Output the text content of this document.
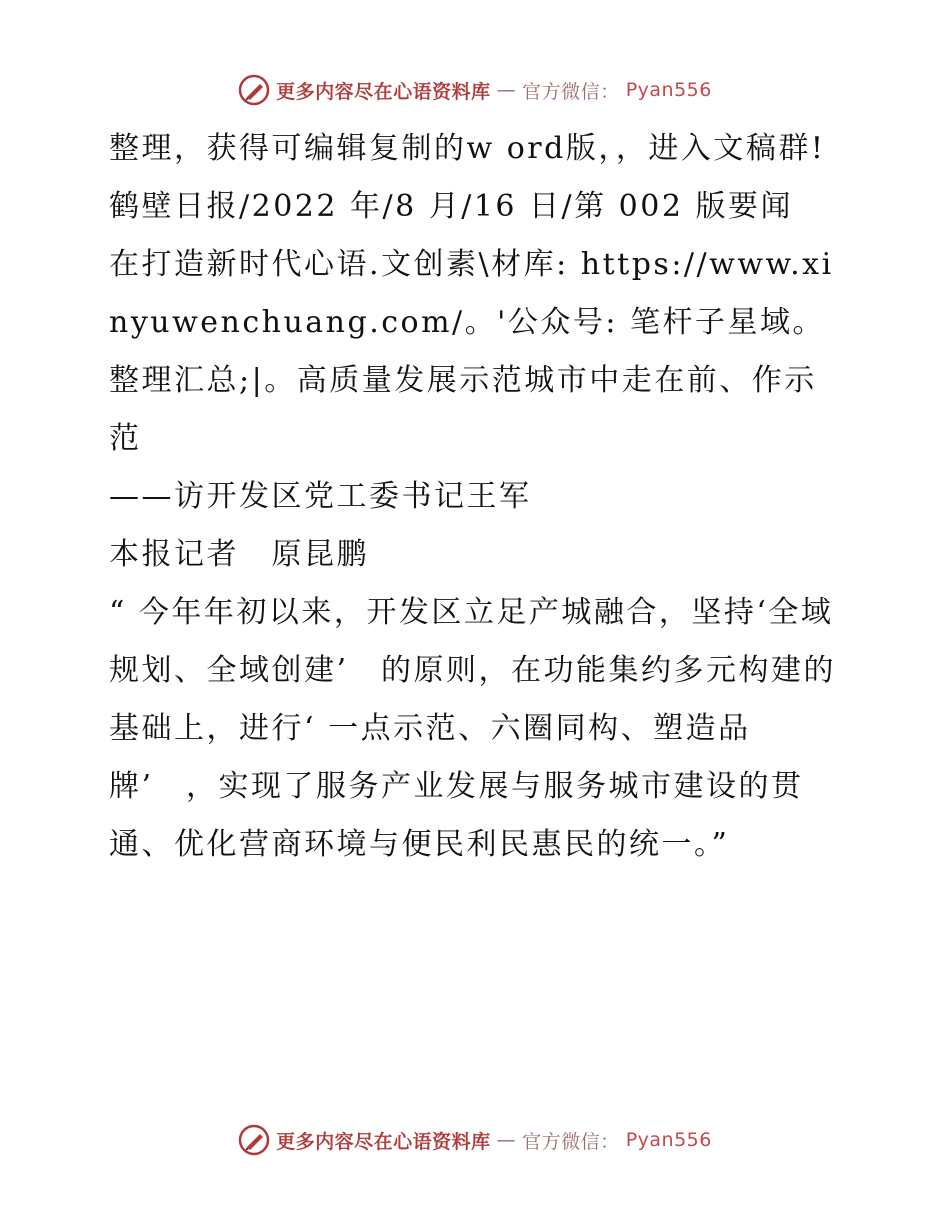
更多内容尽在心语资料库 — 官方微信： Pyan556

整理，获得可编辑复制的w ord版，，进入文稿群!

鹤壁日报/2022 年/8 月/16 日/第 002 版要闻

在打造新时代心语.文创素\材库: https://www.xinyuwenchuang.com/。'公众号: 笔杆子星域。整理汇总;|。高质量发展示范城市中走在前、作示范

——访开发区党工委书记王军

本报记者　原昆鹏

“ 今年年初以来，开发区立足产城融合，坚持‘全域规划、全域创建’　的原则，在功能集约多元构建的基础上，进行‘ 一点示范、六圈同构、塑造品牌’　，实现了服务产业发展与服务城市建设的贯通、优化营商环境与便民利民惠民的统一。”

更多内容尽在心语资料库 — 官方微信： Pyan556
